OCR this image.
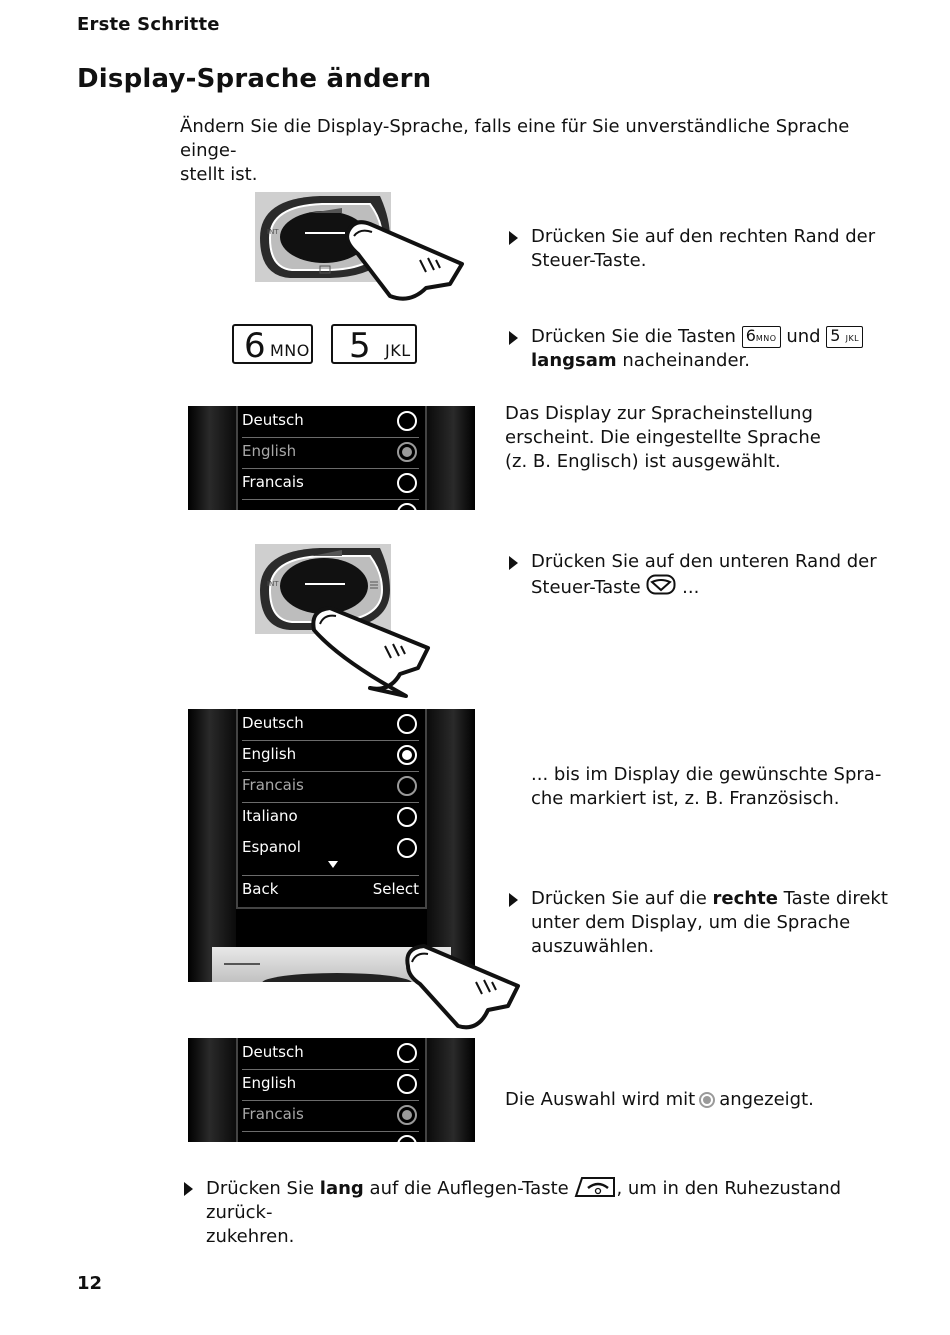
Erste Schritte
Display-Sprache ändern
Ändern Sie die Display-Sprache, falls eine für Sie unverständliche Sprache einge-
stellt ist.
INT	Drücken Sie auf den rechten Rand der
Steuer-Taste.
6 MNO 5 JKL
Drücken Sie die Tasten 6MNO und 5 JKL
langsam nacheinander.
Deutsch
English
Francais
Das Display zur Spracheinstellung
erscheint. Die eingestellte Sprache
(z. B. Englisch) ist ausgewählt.
INT
Drücken Sie auf den unteren Rand der
Steuer-Taste ...
Deutsch
English
Francais
Italiano
Espanol
Back	Select
... bis im Display die gewünschte Spra-
che markiert ist, z. B. Französisch.
Drücken Sie auf die rechte Taste direkt
unter dem Display, um die Sprache
auszuwählen.
Deutsch
English
Francais
Die Auswahl wird mit angezeigt.
Drücken Sie lang auf die Auflegen-Taste	, um in den Ruhezustand zurück-
zukehren.
12
